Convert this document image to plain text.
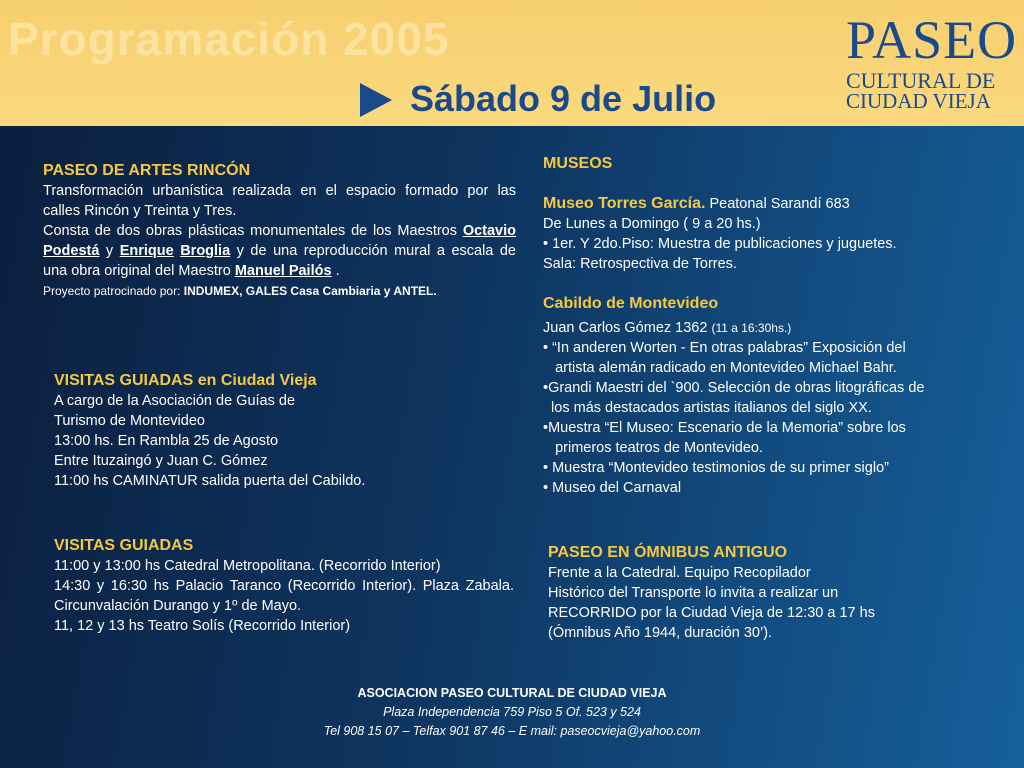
Programación 2005
Sábado 9 de Julio
PASEO
CULTURAL DE
CIUDAD VIEJA
PASEO DE ARTES RINCÓN
Transformación urbanística realizada en el espacio formado por las calles Rincón y Treinta y Tres.
Consta de dos obras plásticas monumentales de los Maestros Octavio Podestá y Enrique Broglia y de una reproducción mural a escala de una obra original del Maestro Manuel Pailós .
Proyecto patrocinado por: INDUMEX, GALES Casa Cambiaria y ANTEL.
VISITAS GUIADAS en Ciudad Vieja
A cargo de la Asociación de Guías de
Turismo de Montevideo
13:00 hs. En Rambla 25 de Agosto
Entre Ituzaingó y Juan C. Gómez
11:00 hs CAMINATUR salida puerta del Cabildo.
VISITAS GUIADAS
11:00 y 13:00 hs Catedral Metropolitana. (Recorrido Interior)
14:30 y 16:30 hs Palacio Taranco (Recorrido Interior). Plaza Zabala. Circunvalación Durango y 1º de Mayo.
11, 12 y 13 hs Teatro Solís (Recorrido Interior)
MUSEOS
Museo Torres García. Peatonal Sarandí 683
De Lunes a Domingo ( 9 a 20 hs.)
• 1er. Y 2do.Piso: Muestra de publicaciones y juguetes.
Sala: Retrospectiva de Torres.
Cabildo de Montevideo
Juan Carlos Gómez 1362 (11 a 16:30hs.)
• “In anderen Worten - En otras palabras” Exposición del
artista alemán radicado en Montevideo Michael Bahr.
•Grandi Maestri del `900. Selección de obras litográficas de
los más destacados artistas italianos del siglo XX.
•Muestra “El Museo: Escenario de la Memoria” sobre los
primeros teatros de Montevideo.
• Muestra “Montevideo testimonios de su primer siglo”
• Museo del Carnaval
PASEO EN ÓMNIBUS ANTIGUO
Frente a la Catedral. Equipo Recopilador
Histórico del Transporte lo invita a realizar un
RECORRIDO por la Ciudad Vieja de 12:30 a 17 hs
(Ómnibus Año 1944, duración 30’).
ASOCIACION PASEO CULTURAL DE CIUDAD VIEJA
Plaza Independencia 759 Piso 5 Of. 523 y 524
Tel 908 15 07 – Telfax 901 87 46 – E mail: paseocvieja@yahoo.com
